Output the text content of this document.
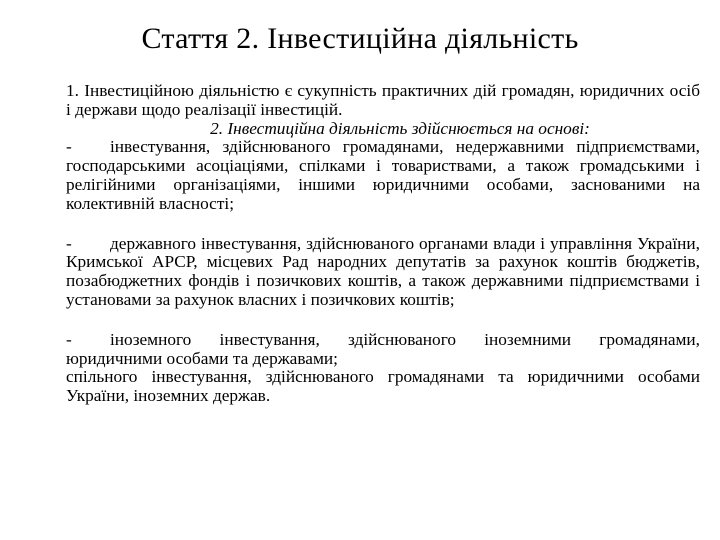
Стаття 2. Інвестиційна діяльність

1. Інвестиційною діяльністю є сукупність практичних дій громадян, юридичних осіб і держави щодо реалізації інвестицій.

2. Інвестиційна діяльність здійснюється на основі:

- інвестування, здійснюваного громадянами, недержавними підприємствами, господарськими асоціаціями, спілками і товариствами, а також громадськими і релігійними організаціями, іншими юридичними особами, заснованими на колективній власності;

- державного інвестування, здійснюваного органами влади і управління України, Кримської АРСР, місцевих Рад народних депутатів за рахунок коштів бюджетів, позабюджетних фондів і позичкових коштів, а також державними підприємствами і установами за рахунок власних і позичкових коштів;

- іноземного інвестування, здійснюваного іноземними громадянами, юридичними особами та державами;

спільного інвестування, здійснюваного громадянами та юридичними особами України, іноземних держав.
